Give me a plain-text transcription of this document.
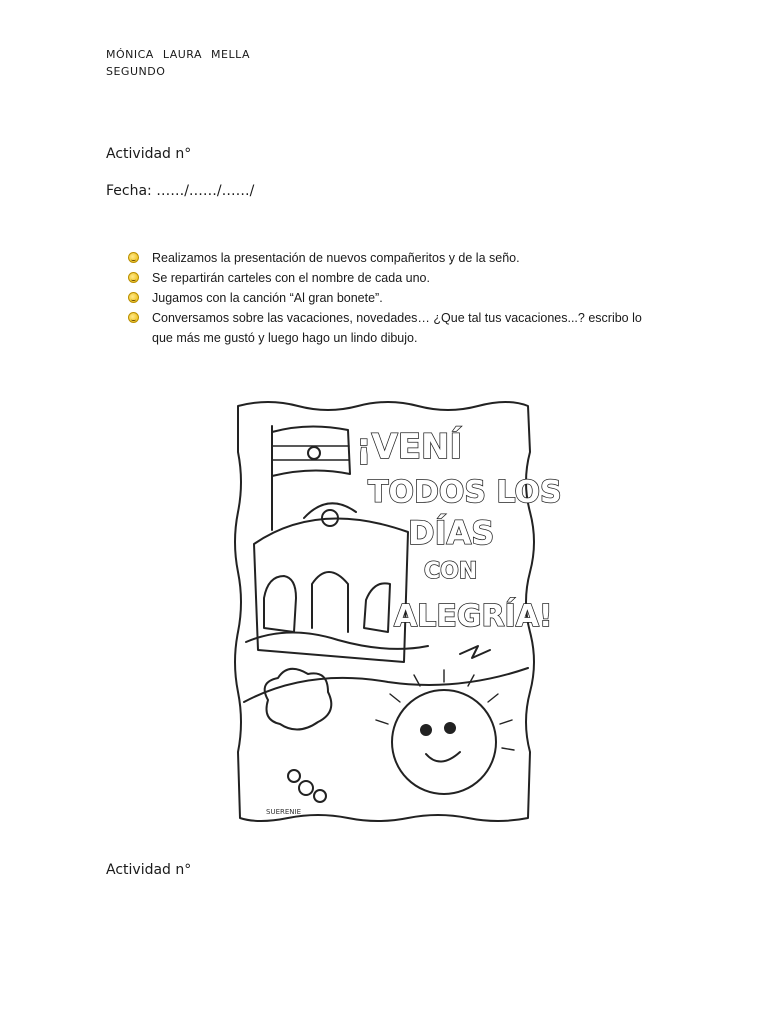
MÓNICA LAURA MELLA
SEGUNDO
Actividad n°
Fecha: ……/……/……/
Realizamos la presentación de nuevos compañeritos y de la seño.
Se repartirán carteles con el nombre de cada uno.
Jugamos con la canción “Al gran bonete”.
Conversamos sobre las vacaciones, novedades… ¿Que tal tus vacaciones...? escribo lo que más me gustó y luego hago un lindo dibujo.
¡VENÍ
TODOS LOS
DÍAS
CON
ALEGRÍA!
SUERENIE
Actividad n°
